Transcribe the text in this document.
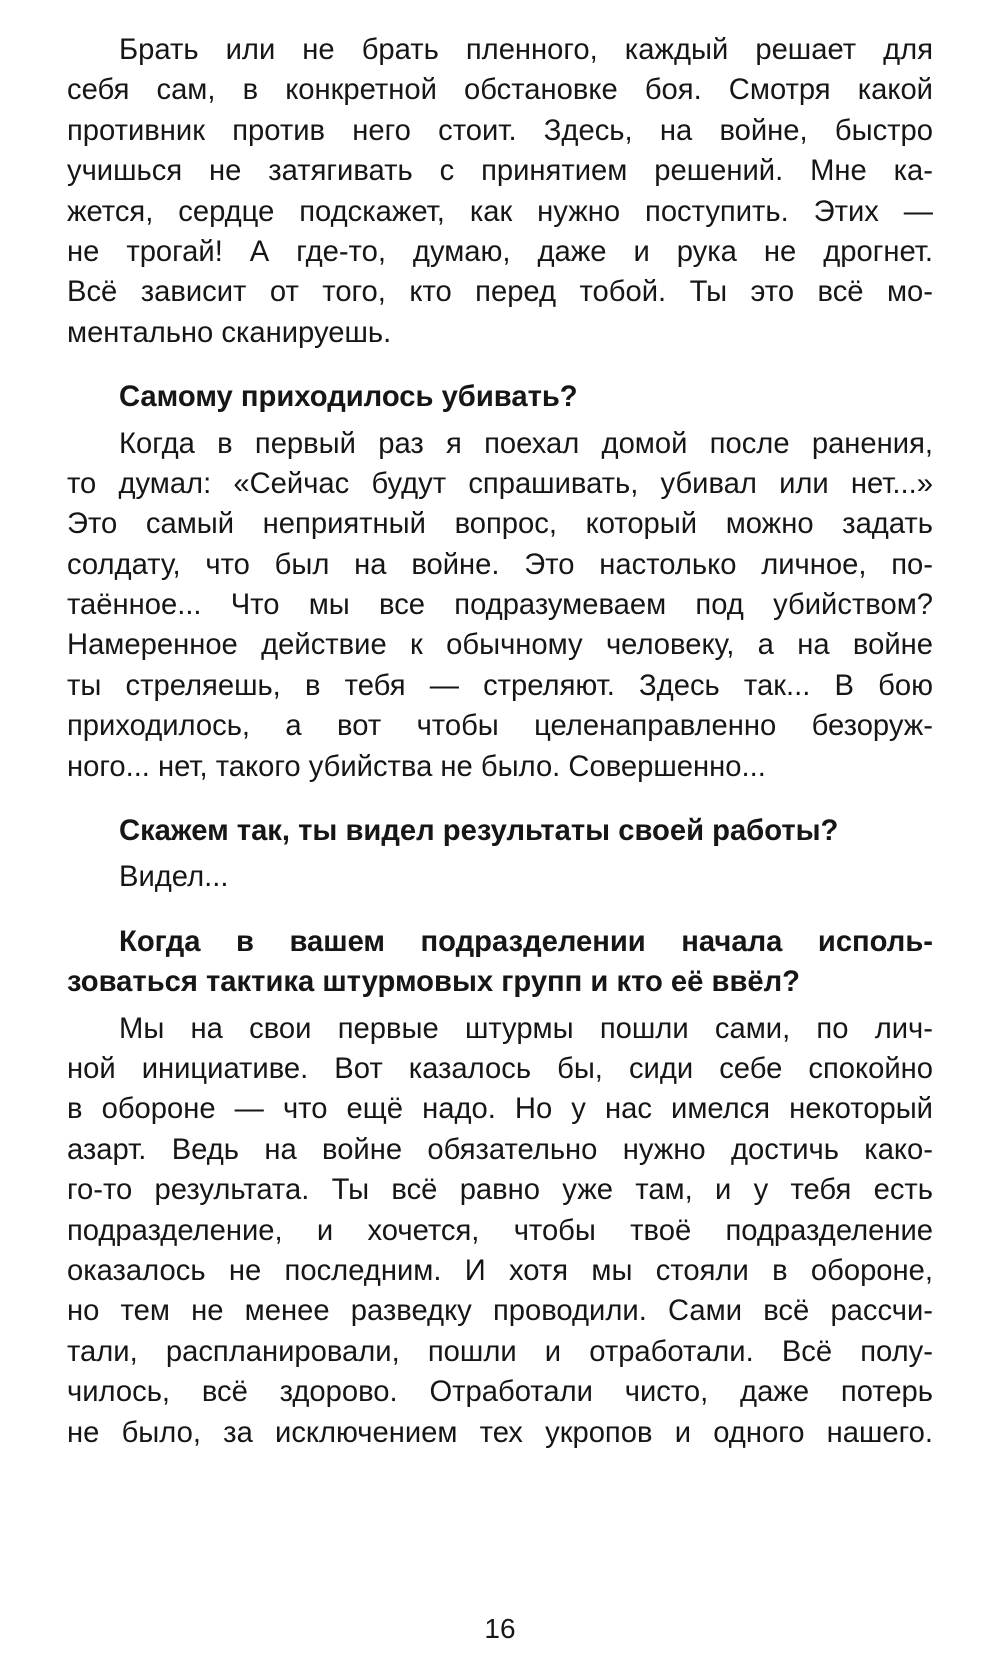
Брать или не брать пленного, каждый решает для
себя сам, в конкретной обстановке боя. Смотря какой
противник против него стоит. Здесь, на войне, быстро
учишься не затягивать с принятием решений. Мне ка-
жется, сердце подскажет, как нужно поступить. Этих —
не трогай! А где-то, думаю, даже и рука не дрогнет.
Всё зависит от того, кто перед тобой. Ты это всё мо-
ментально сканируешь.
Самому приходилось убивать?
Когда в первый раз я поехал домой после ранения,
то думал: «Сейчас будут спрашивать, убивал или нет...»
Это самый неприятный вопрос, который можно задать
солдату, что был на войне. Это настолько личное, по-
таённое... Что мы все подразумеваем под убийством?
Намеренное действие к обычному человеку, а на войне
ты стреляешь, в тебя — стреляют. Здесь так... В бою
приходилось, а вот чтобы целенаправленно безоруж-
ного... нет, такого убийства не было. Совершенно...
Скажем так, ты видел результаты своей работы?
Видел...
Когда в вашем подразделении начала исполь-
зоваться тактика штурмовых групп и кто её ввёл?
Мы на свои первые штурмы пошли сами, по лич-
ной инициативе. Вот казалось бы, сиди себе спокойно
в обороне — что ещё надо. Но у нас имелся некоторый
азарт. Ведь на войне обязательно нужно достичь како-
го-то результата. Ты всё равно уже там, и у тебя есть
подразделение, и хочется, чтобы твоё подразделение
оказалось не последним. И хотя мы стояли в обороне,
но тем не менее разведку проводили. Сами всё рассчи-
тали, распланировали, пошли и отработали. Всё полу-
чилось, всё здорово. Отработали чисто, даже потерь
не было, за исключением тех укропов и одного нашего.
16
